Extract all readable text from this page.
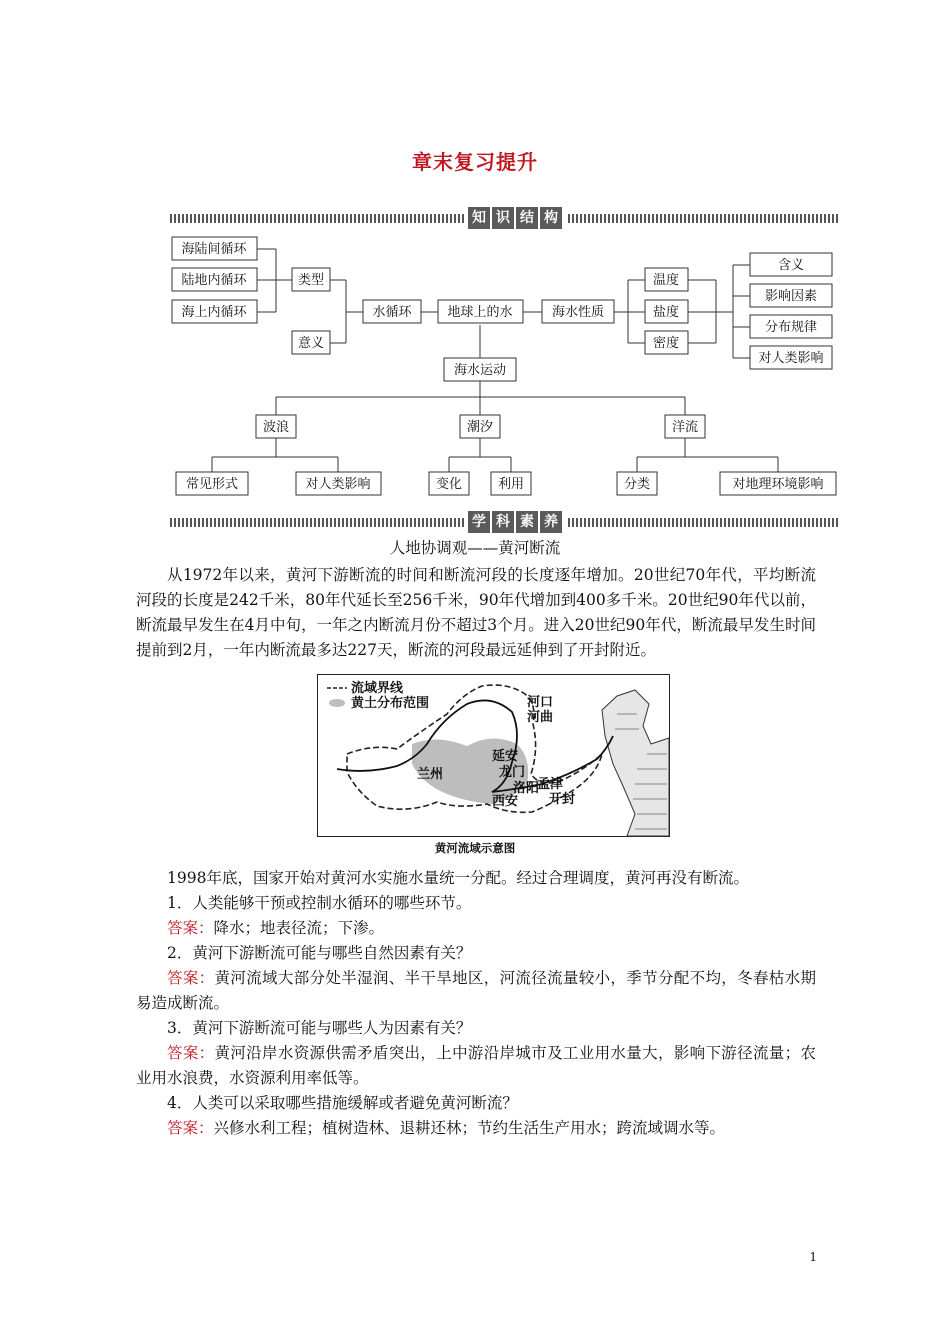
章末复习提升
知 识 结 构
海陆间循环
陆地内循环
海上内循环
类型
意义
水循环	地球上的水	海水性质
温度
盐度
密度
含义
影响因素
分布规律
对人类影响
海水运动
波浪	潮汐	洋流
常见形式	对人类影响	变化	利用	分类	对地理环境影响
学 科 素 养
人地协调观——黄河断流
从1972年以来，黄河下游断流的时间和断流河段的长度逐年增加。20世纪70年代，平均断流河段的长度是242千米，80年代延长至256千米，90年代增加到400多千米。20世纪90年代以前，断流最早发生在4月中旬，一年之内断流月份不超过3个月。进入20世纪90年代，断流最早发生时间提前到2月，一年内断流最多达227天，断流的河段最远延伸到了开封附近。
流域界线
黄土分布范围	河口
河曲
延安
兰州	龙门
洛阳
孟津
西安 开封
黄河流域示意图
1998年底，国家开始对黄河水实施水量统一分配。经过合理调度，黄河再没有断流。
1．人类能够干预或控制水循环的哪些环节。
答案：降水；地表径流；下渗。
2．黄河下游断流可能与哪些自然因素有关？
答案：黄河流域大部分处半湿润、半干旱地区，河流径流量较小，季节分配不均，冬春枯水期易造成断流。
3．黄河下游断流可能与哪些人为因素有关？
答案：黄河沿岸水资源供需矛盾突出，上中游沿岸城市及工业用水量大，影响下游径流量；农业用水浪费，水资源利用率低等。
4．人类可以采取哪些措施缓解或者避免黄河断流？
答案：兴修水利工程；植树造林、退耕还林；节约生活生产用水；跨流域调水等。
1
